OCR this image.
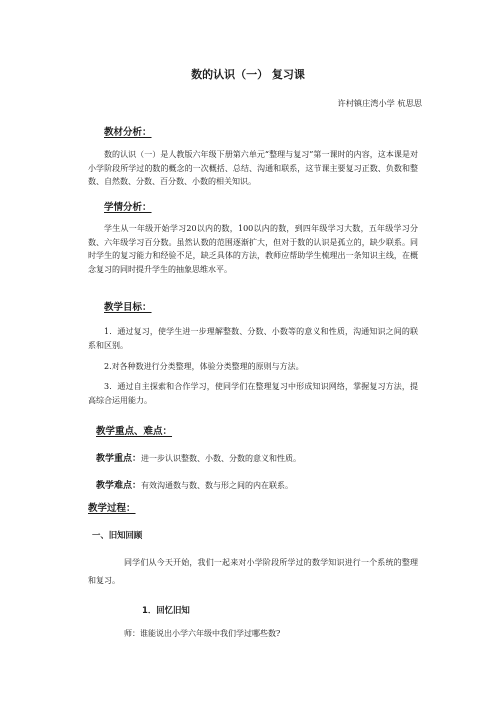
数的认识（一） 复习课
许村镇庄湾小学 杭思思
教材分析：
数的认识（一）是人教版六年级下册第六单元“整理与复习”第一课时的内容，这本课是对小学阶段所学过的数的概念的一次概括、总结、沟通和联系，这节课主要复习正数、负数和整数、自然数、分数、百分数、小数的相关知识。
学情分析：
学生从一年级开始学习20以内的数，100以内的数，到四年级学习大数，五年级学习分数、六年级学习百分数。虽然认数的范围逐渐扩大，但对于数的认识是孤立的，缺少联系。同时学生的复习能力和经验不足，缺乏具体的方法，教师应帮助学生梳理出一条知识主线，在概念复习的同时提升学生的抽象思维水平。
教学目标：
1．通过复习，使学生进一步理解整数、分数、小数等的意义和性质，沟通知识之间的联系和区别。
2.对各种数进行分类整理，体验分类整理的原则与方法。
3．通过自主探索和合作学习，使同学们在整理复习中形成知识网络，掌握复习方法，提高综合运用能力。
教学重点、难点：
教学重点：进一步认识整数、小数、分数的意义和性质。
教学难点：有效沟通数与数、数与形之间的内在联系。
教学过程：
一、旧知回顾
同学们从今天开始，我们一起来对小学阶段所学过的数学知识进行一个系统的整理和复习。
1．回忆旧知
师：谁能说出小学六年级中我们学过哪些数?
